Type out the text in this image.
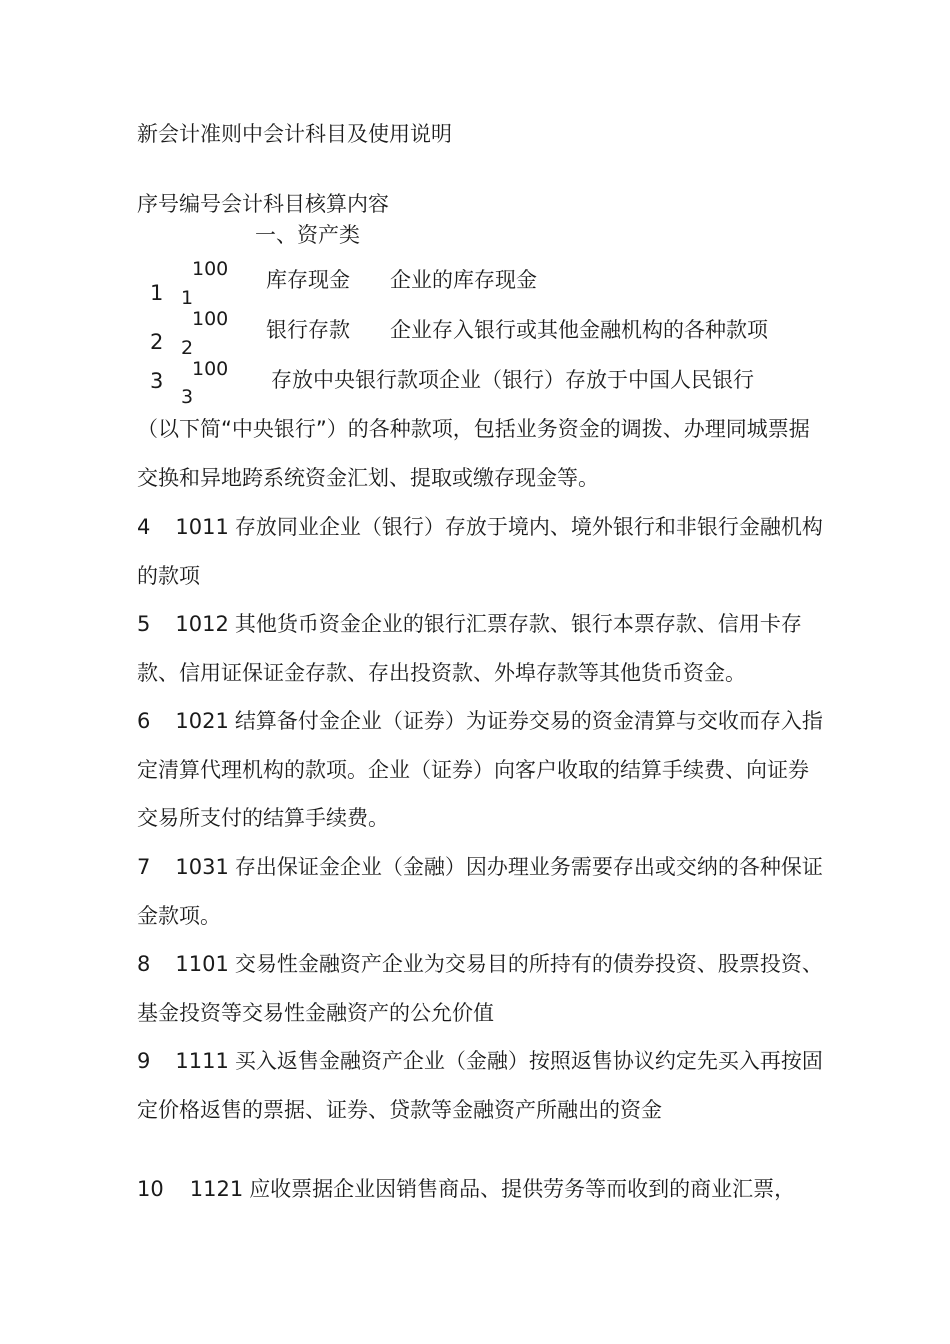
新会计准则中会计科目及使用说明
序号编号会计科目核算内容
一、资产类
1
100
1
库存现金 企业的库存现金
2
100
2
银行存款 企业存入银行或其他金融机构的各种款项
3 100
3
存放中央银行款项企业（银行）存放于中国人民银行
（以下简“中央银行”）的各种款项，包括业务资金的调拨、办理同城票据交换和异地跨系统资金汇划、提取或缴存现金等。
4 1011 存放同业企业（银行）存放于境内、境外银行和非银行金融机构的款项
5 1012 其他货币资金企业的银行汇票存款、银行本票存款、信用卡存款、信用证保证金存款、存出投资款、外埠存款等其他货币资金。
6 1021 结算备付金企业（证券）为证券交易的资金清算与交收而存入指定清算代理机构的款项。企业（证券）向客户收取的结算手续费、向证券交易所支付的结算手续费。
7 1031 存出保证金企业（金融）因办理业务需要存出或交纳的各种保证金款项。
8 1101 交易性金融资产企业为交易目的所持有的债券投资、股票投资、基金投资等交易性金融资产的公允价值
9 1111 买入返售金融资产企业（金融）按照返售协议约定先买入再按固定价格返售的票据、证券、贷款等金融资产所融出的资金
10 1121 应收票据企业因销售商品、提供劳务等而收到的商业汇票，
